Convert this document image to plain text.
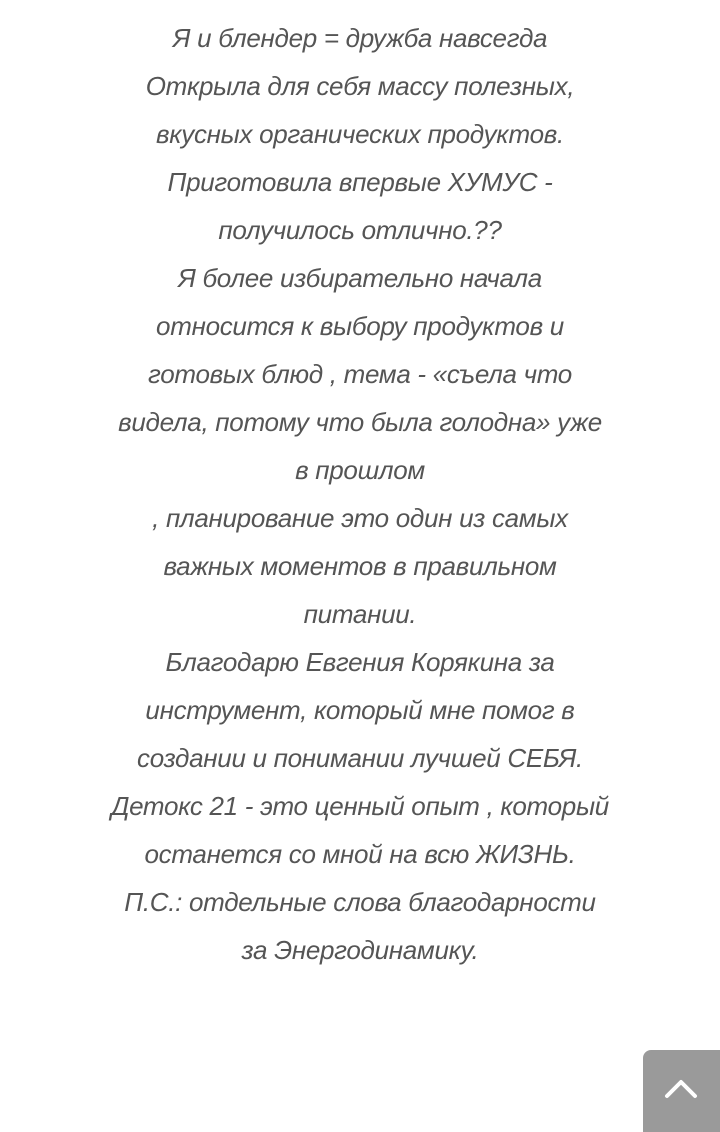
Я и блендер = дружба навсегда
Открыла для себя массу полезных,
вкусных органических продуктов.
Приготовила впервые ХУМУС -
получилось отлично.??
Я более избирательно начала
относится к выбору продуктов и
готовых блюд , тема - «съела что
видела, потому что была голодна» уже
в прошлом
, планирование это один из самых
важных моментов в правильном
питании.
Благодарю Евгения Корякина за
инструмент, который мне помог в
создании и понимании лучшей СЕБЯ.
Детокс 21 - это ценный опыт , который
останется со мной на всю ЖИЗНЬ.
П.С.: отдельные слова благодарности
за Энергодинамику.
